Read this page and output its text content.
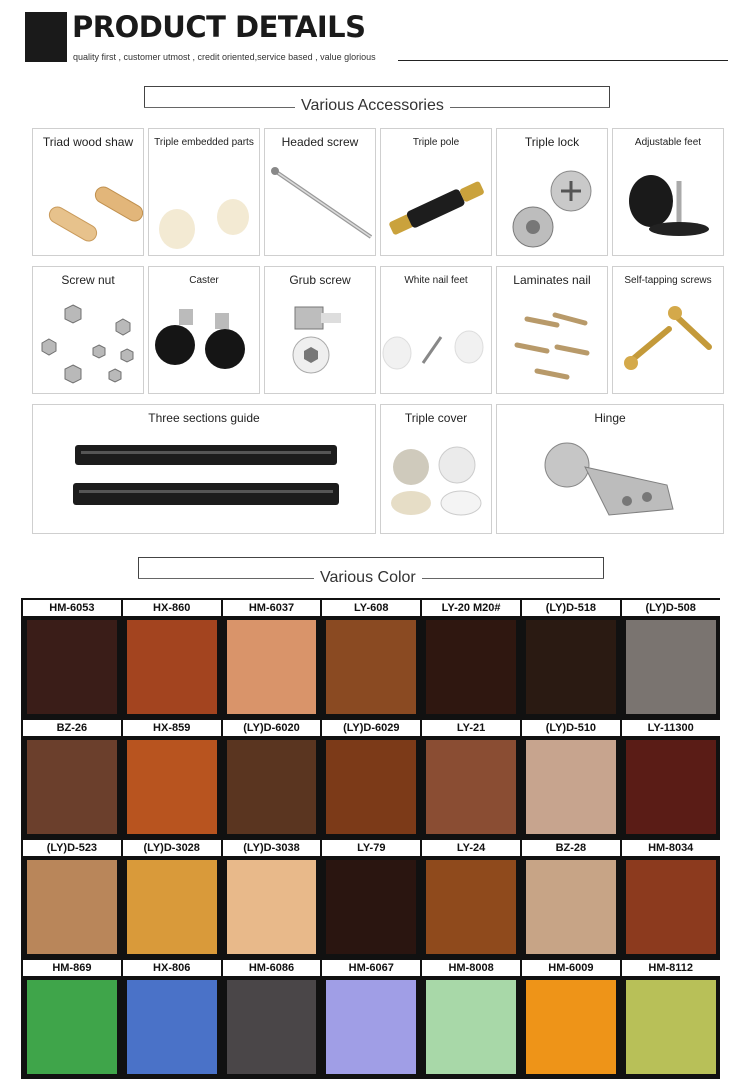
PRODUCT DETAILS
quality first , customer utmost , credit oriented,service based , value glorious
Various Accessories
Triad wood shaw	Triple embedded parts	Headed screw	Triple pole	Triple lock	Adjustable feet
Screw nut	Caster	Grub screw	White nail feet	Laminates nail	Self-tapping screws
Three sections guide	Triple cover	Hinge
Various Color
HM-6053	HX-860	HM-6037	LY-608	LY-20 M20#	(LY)D-518	(LY)D-508
BZ-26	HX-859	(LY)D-6020	(LY)D-6029	LY-21	(LY)D-510	LY-11300
(LY)D-523	(LY)D-3028	(LY)D-3038	LY-79	LY-24	BZ-28	HM-8034
HM-869	HX-806	HM-6086	HM-6067	HM-8008	HM-6009	HM-8112
